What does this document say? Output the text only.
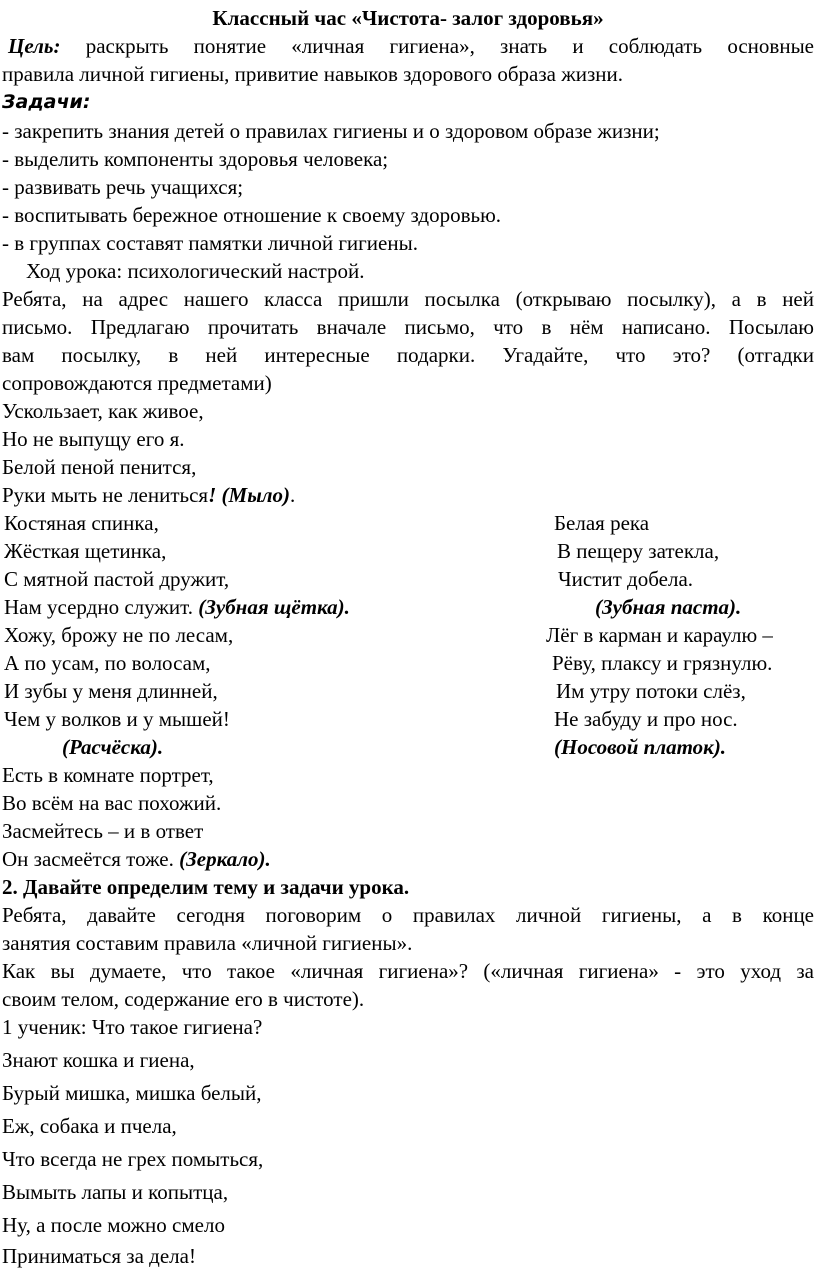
Классный час «Чистота- залог здоровья»
Цель: раскрыть понятие «личная гигиена», знать и соблюдать основные
правила личной гигиены, привитие навыков здорового образа жизни.
Задачи:
- закрепить знания детей о правилах гигиены и о здоровом образе жизни;
- выделить компоненты здоровья человека;
- развивать речь учащихся;
- воспитывать бережное отношение к своему здоровью.
- в группах составят памятки личной гигиены.
Ход урока: психологический настрой.
Ребята, на адрес нашего класса пришли посылка (открываю посылку), а в ней
письмо. Предлагаю прочитать вначале письмо, что в нём написано. Посылаю
вам посылку, в ней интересные подарки. Угадайте, что это? (отгадки
сопровождаются предметами)
Ускользает, как живое,
Но не выпущу его я.
Белой пеной пенится,
Руки мыть не лениться! (Мыло).
Костяная спинка,	Белая река
Жёсткая щетинка,	В пещеру затекла,
С мятной пастой дружит,	Чистит добела.
Нам усердно служит. (Зубная щётка).	(Зубная паста).
Хожу, брожу не по лесам,	Лёг в карман и караулю –
А по усам, по волосам,	Рёву, плаксу и грязнулю.
И зубы у меня длинней,	Им утру потоки слёз,
Чем у волков и у мышей!	Не забуду и про нос.
(Расчёска).	(Носовой платок).
Есть в комнате портрет,
Во всём на вас похожий.
Засмейтесь – и в ответ
Он засмеётся тоже. (Зеркало).
2. Давайте определим тему и задачи урока.
Ребята, давайте сегодня поговорим о правилах личной гигиены, а в конце
занятия составим правила «личной гигиены».
Как вы думаете, что такое «личная гигиена»? («личная гигиена» - это уход за
своим телом, содержание его в чистоте).
1 ученик: Что такое гигиена?
Знают кошка и гиена,
Бурый мишка, мишка белый,
Еж, собака и пчела,
Что всегда не грех помыться,
Вымыть лапы и копытца,
Ну, а после можно смело
Приниматься за дела!
